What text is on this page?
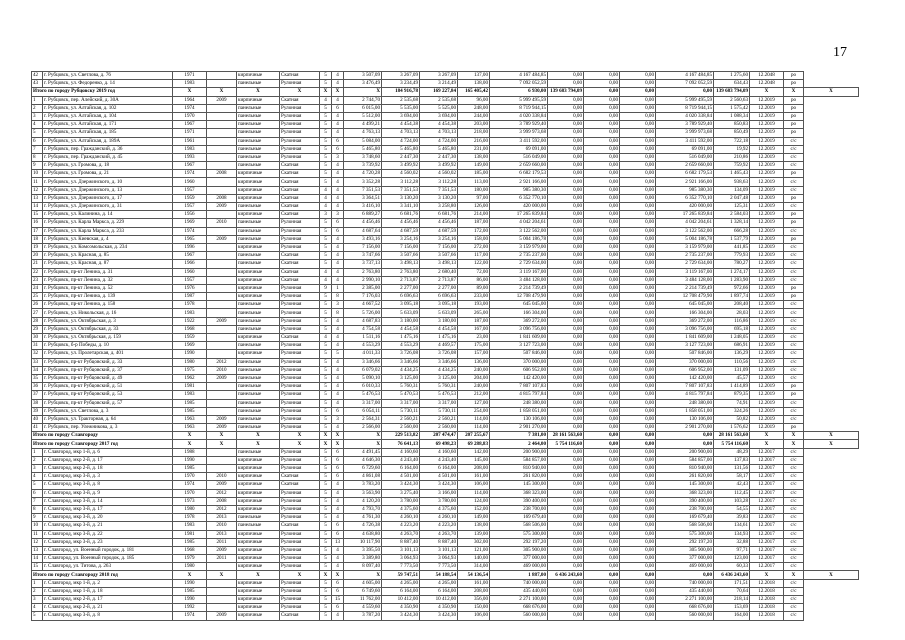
17
42	г. Рубцовск, ул. Светлова, д. 76	1971		кирпичные	Скатная	5	4	3 507,09	3 267,09	3 267,09	137,00	4 167 484,85	0,00	0,00	0,00	4 167 484,85	1 275,60	12.2048	ро	
43	г. Рубцовск, ул. Федоренко, д. 14	1983		панельные	Рулонная	5	4	3 476,49	3 234,49	3 214,49	138,00	7 092 052,59	0,00	0,00	0,00	7 092 052,59	634,43	12.2048	ро	
Итого по городу Рубцовску 2019 год		X	X	X	X	X	X	X	184 916,78	169 227,84	165 405,42	6 930,00	139 683 794,09	0,00	0,00	0,00	139 683 794,09	X	X	X
1	г. Рубцовск, пер. Алейский, д. 30А	1964	2009	кирпичные	Скатная	4	4	2 744,70	2 535,68	2 535,68	96,00	5 999 495,59	0,00	0,00	0,00	5 999 495,59	2 560,63	12.2019	ро	
2	г. Рубцовск, ул. Алтайская, д. 102	1974		панельные	Рулонная	5	6	6 015,00	5 535,00	5 525,00	248,00	8 719 944,15	0,00	0,00	0,00	8 719 944,15	1 575,42	12.2019	ро	
3	г. Рубцовск, ул. Алтайская, д. 104	1970		панельные	Рулонная	5	4	5 512,00	3 694,00	3 694,00	244,00	4 020 338,84	0,00	0,00	0,00	4 020 338,84	1 088,34	12.2019	ро	
4	г. Рубцовск, ул. Алтайская, д. 171	1967		панельные	Рулонная	5	4	4 499,21	4 454,38	4 454,38	203,00	3 789 929,40	0,00	0,00	0,00	3 789 929,40	850,83	12.2019	ро	
5	г. Рубцовск, ул. Алтайская, д. 185	1971		панельные	Рулонная	5	4	4 763,13	4 703,13	4 703,13	218,00	3 999 973,68	0,00	0,00	0,00	3 999 973,68	850,49	12.2019	ро	
6	г. Рубцовск, ул. Алтайская, д. 189А	1961		панельные	Рулонная	5	6	5 084,00	4 724,00	4 724,00	216,00	3 411 592,00	0,00	0,00	0,00	3 411 592,00	722,18	12.2019	с/с	
7	г. Рубцовск, пер. Гражданский, д. 36	1983		панельные	Рулонная	5	6	5 465,80	5 465,80	5 465,80	231,00	69 091,00	0,00	0,00	0,00	69 091,00	19,92	12.2019	с/с	
8	г. Рубцовск, пер. Гражданский, д. 45	1993		панельные	Рулонная	5	3	3 748,60	2 447,30	2 447,30	138,00	516 049,00	0,00	0,00	0,00	516 049,00	210,86	12.2019	с/с	
9	г. Рубцовск, ул. Громова, д. 18	1967		панельные	Скатная	5	4	3 739,92	3 499,92	3 499,92	149,00	2 659 660,00	0,00	0,00	0,00	2 659 660,00	759,92	12.2019	с/с	
10	г. Рубцовск, ул. Громова, д. 21	1974	2008	кирпичные	Скатная	5	4	4 720,28	4 560,02	4 560,02	185,00	6 682 179,53	0,00	0,00	0,00	6 682 179,53	1 465,43	12.2019	ро	
11	г. Рубцовск, ул. Дзержинского, д. 10	1960		кирпичные	Скатная	5	4	3 352,28	3 112,28	3 112,28	113,00	2 921 166,00	0,00	0,00	0,00	2 921 166,00	938,63	12.2019	с/с	
12	г. Рубцовск, ул. Дзержинского, д. 13	1957		кирпичные	Скатная	4	4	7 351,53	7 351,53	7 351,53	180,00	985 380,30	0,00	0,00	0,00	985 380,30	134,09	12.2019	с/с	
13	г. Рубцовск, ул. Дзержинского, д. 17	1959	2008	кирпичные	Скатная	4	4	3 364,51	3 130,20	3 130,20	97,00	6 352 770,10	0,00	0,00	0,00	6 352 770,10	2 047,48	12.2019	ро	
14	г. Рубцовск, ул. Дзержинского, д. 31	1957	2009	панельные	Скатная	4	4	3 416,10	3 341,10	3 258,80	126,00	420 000,00	0,00	0,00	0,00	420 000,00	125,31	12.2019	с/с	
15	г. Рубцовск, ул. Калинина, д. 14	1956		кирпичные	Скатная	3	3	6 889,27	6 681,76	6 681,76	214,00	17 265 839,84	0,00	0,00	0,00	17 265 839,84	2 584,03	12.2019	ро	
16	г. Рубцовск, ул. Карла Маркса, д. 229	1969	2010	панельные	Рулонная	5	6	4 456,46	4 456,46	4 456,46	187,00	4 042 204,61	0,00	0,00	0,00	4 042 204,61	1 328,14	12.2019	ро	
17	г. Рубцовск, ул. Карла Маркса, д. 233	1974		панельные	Рулонная	5	6	4 687,64	4 687,59	4 687,59	172,00	3 122 562,00	0,00	0,00	0,00	3 122 562,00	666,28	12.2019	с/с	
18	г. Рубцовск, ул. Киевская, д. 4	1965	2009	панельные	Рулонная	5	4	3 493,16	3 254,16	3 254,16	158,00	5 004 186,78	0,00	0,00	0,00	5 004 186,78	1 537,79	12.2019	ро	
19	г. Рубцовск, ул. Комсомольская, д. 234	1996		кирпичные	Рулонная	5	4	7 156,00	7 156,00	7 156,00	272,00	3 159 979,00	0,00	0,00	0,00	3 159 979,00	441,85	12.2019	с/с	
20	г. Рубцовск, ул. Красная, д. 85	1967		панельные	Скатная	5	4	3 747,66	3 507,66	3 507,66	117,00	2 735 237,00	0,00	0,00	0,00	2 735 237,00	779,93	12.2019	с/с	
21	г. Рубцовск, ул. Красная, д. 87	1966		панельные	Скатная	5	4	3 737,13	3 498,13	3 498,13	122,00	2 729 634,00	0,00	0,00	0,00	2 729 634,00	780,27	12.2019	с/с	
22	г. Рубцовск, пр-кт Ленина, д. 31	1960		кирпичные	Скатная	4	4	2 763,80	2 763,80	2 680,40	72,00	3 119 167,00	0,00	0,00	0,00	3 119 167,00	1 274,17	12.2019	с/с	
23	г. Рубцовск, пр-кт Ленина, д. 32	1957		кирпичные	Скатная	4	4	2 990,10	2 713,87	2 713,87	86,00	3 484 128,00	0,00	0,00	0,00	3 484 128,00	1 283,90	12.2019	с/с	
24	г. Рубцовск, пр-кт Ленина, д. 52	1976		кирпичные	Рулонная	9	1	2 385,00	2 277,00	2 277,00	89,00	2 214 739,49	0,00	0,00	0,00	2 214 739,49	972,66	12.2019	ро	
25	г. Рубцовск, пр-кт Ленина, д. 139	1987		кирпичные	Рулонная	5	8	7 176,03	6 696,63	6 696,63	233,00	12 708 479,90	0,00	0,00	0,00	12 708 479,90	1 897,74	12.2019	ро	
26	г. Рубцовск, пр-кт Ленина, д. 158	1978		панельные	Рулонная	5	3	4 667,52	3 095,18	3 095,18	193,00	645 045,00	0,00	0,00	0,00	645 045,00	208,40	12.2019	с/с	
27	г. Рубцовск, ул. Никольская, д. 16	1983		панельные	Рулонная	5	8	5 726,00	5 633,09	5 633,09	265,00	166 304,00	0,00	0,00	0,00	166 304,00	28,03	12.2019	с/с	
28	г. Рубцовск, ул. Октябрьская, д. 3	1922	2009	панельные	Рулонная	5	4	4 687,83	3 180,00	3 180,00	187,00	369 272,00	0,00	0,00	0,00	369 272,00	116,86	12.2019	с/с	
29	г. Рубцовск, ул. Октябрьская, д. 33	1968		панельные	Рулонная	5	4	4 754,58	4 454,58	4 454,58	167,00	3 096 756,00	0,00	0,00	0,00	3 096 756,00	695,18	12.2019	с/с	
30	г. Рубцовск, ул. Октябрьская, д. 159	1959		кирпичные	Скатная	4	4	1 511,16	1 475,16	1 475,16	23,00	1 841 609,00	0,00	0,00	0,00	1 841 609,00	1 248,05	12.2019	с/с	
31	г. Рубцовск, б-р Победы, д. 10	1969		панельные	Рулонная	5	4	4 553,29	4 553,29	4 469,57	175,00	3 127 723,00	0,00	0,00	0,00	3 127 723,00	686,91	12.2019	с/с	
32	г. Рубцовск, ул. Пролетарская, д. 401	1990		кирпичные	Рулонная	5	5	4 011,33	3 726,08	3 726,08	157,00	507 846,00	0,00	0,00	0,00	507 846,00	136,29	12.2019	с/с	
33	г. Рубцовск, пр-кт Рубцовский, д. 33	1980	2012	панельные	Рулонная	5	4	3 346,66	3 346,66	3 346,66	136,00	370 000,00	0,00	0,00	0,00	370 000,00	110,56	12.2019	с/с	
34	г. Рубцовск, пр-кт Рубцовский, д. 37	1975	2010	панельные	Рулонная	5	4	6 079,02	4 434,25	4 434,25	240,00	606 952,00	0,00	0,00	0,00	606 952,00	131,09	12.2019	с/с	
35	г. Рубцовск, пр-кт Рубцовский, д. 49	1962	2009	панельные	Рулонная	5	4	5 090,10	3 125,00	3 125,00	204,00	142 420,00	0,00	0,00	0,00	142 420,00	45,57	12.2019	с/с	
36	г. Рубцовск, пр-кт Рубцовский, д. 51	1981		панельные	Рулонная	5	4	6 010,33	5 760,31	5 760,31	240,00	7 807 107,83	0,00	0,00	0,00	7 807 107,83	1 414,89	12.2019	ро	
37	г. Рубцовск, пр-кт Рубцовский, д. 53	1983		панельные	Рулонная	5	4	5 476,53	5 470,53	5 476,53	212,00	4 815 797,84	0,00	0,00	0,00	4 815 797,84	879,35	12.2019	ро	
38	г. Рубцовск, пр-кт Рубцовский, д. 57	1985		панельные	Рулонная	5	4	3 317,00	3 317,00	3 317,00	127,00	248 380,00	0,00	0,00	0,00	248 380,00	74,91	12.2019	с/с	
39	г. Рубцовск, ул. Светлова, д. 3	1985		панельные	Рулонная	5	6	6 054,11	5 730,11	5 730,11	254,00	1 858 051,00	0,00	0,00	0,00	1 858 051,00	324,26	12.2019	с/с	
40	г. Рубцовск, ул. Тракторная, д. 64	1963	2009	панельные	Рулонная	5	3	2 564,31	2 560,21	2 560,21	114,00	130 106,00	0,00	0,00	0,00	130 106,00	50,82	12.2019	с/с	
41	г. Рубцовск, пер. Улежникова, д. 3	1963	2009	панельные	Рулонная	5	4	2 566,00	2 560,00	2 560,00	114,00	2 901 270,00	0,00	0,00	0,00	2 901 270,00	1 576,62	12.2019	ро	
Итого по городу Славгороду		X	X	X	X	X	X	X	229 513,82	207 474,47	207 255,67	7 381,00	28 161 563,60	0,00	0,00	0,00	28 161 563,60	X	X	X
Итого по городу Славгороду 2017 год		X	X	X	X	X	X	X	76 641,13	69 498,23	69 288,83	2 464,00	5 754 116,60	0,00	0,00	0,00	5 754 116,60	X	X	X
1	г. Славгород, мкр 1-й, д. 6	1988		панельные	Рулонная	5	6	4 491,45	4 160,60	4 160,60	142,00	200 900,00	0,00	0,00	0,00	200 900,00	48,29	12.2017	с/с	
2	г. Славгород, мкр 2-й, д. 17	1990		кирпичные	Рулонная	5	6	4 646,30	4 243,40	4 243,40	145,00	584 857,00	0,00	0,00	0,00	584 857,00	137,83	12.2017	с/с	
3	г. Славгород, мкр 2-й, д. 18	1985		кирпичные	Рулонная	5	6	6 729,60	6 164,00	6 164,00	208,00	810 940,00	0,00	0,00	0,00	810 940,00	131,56	12.2017	с/с	
4	г. Славгород, мкр 3-й, д. 3	1970	2010	кирпичные	Скатная	5	6	4 861,08	4 501,00	4 501,00	161,00	261 820,00	0,00	0,00	0,00	261 820,00	58,17	12.2017	с/с	
5	г. Славгород, мкр 3-й, д. 8	1974	2009	кирпичные	Скатная	5	4	3 783,20	3 424,30	3 424,30	106,00	145 300,00	0,00	0,00	0,00	145 300,00	42,43	12.2017	с/с	
6	г. Славгород, мкр 3-й, д. 9	1970	2012	кирпичные	Рулонная	5	4	3 563,90	3 275,40	3 166,00	114,00	368 323,00	0,00	0,00	0,00	368 323,00	112,45	12.2017	с/с	
7	г. Славгород, мкр 3-й, д. 14	1973	2008	кирпичные	Рулонная	5	4	4 120,20	3 780,00	3 780,00	124,00	390 400,00	0,00	0,00	0,00	390 400,00	103,28	12.2017	с/с	
8	г. Славгород, мкр 3-й, д. 17	1980	2012	кирпичные	Рулонная	5	4	4 793,70	4 375,60	4 375,60	152,00	238 700,00	0,00	0,00	0,00	238 700,00	54,55	12.2017	с/с	
9	г. Славгород, мкр 3-й, д. 20	1978	2013	панельные	Рулонная	5	4	4 761,30	4 260,10	4 260,10	149,00	169 679,40	0,00	0,00	0,00	169 679,40	39,83	12.2017	с/с	
10	г. Славгород, мкр 3-й, д. 21	1983	2010	панельные	Скатная	5	6	4 726,38	4 223,20	4 223,20	138,00	568 506,00	0,00	0,00	0,00	568 506,00	134,61	12.2017	с/с	
11	г. Славгород, мкр 3-й, д. 22	1981	2013	кирпичные	Рулонная	5	6	4 638,80	4 263,70	4 263,70	139,00	575 300,00	0,00	0,00	0,00	575 300,00	134,93	12.2017	с/с	
12	г. Славгород, мкр 3-й, д. 23	1985	2011	кирпичные	Рулонная	5	13	10 117,90	8 887,40	8 887,40	302,00	292 197,20	0,00	0,00	0,00	292 197,20	32,88	12.2017	с/с	
13	г. Славгород, ул. Военный городок, д. 181	1968	2009	кирпичные	Рулонная	5	4	3 395,50	3 101,13	3 101,13	121,00	305 900,00	0,00	0,00	0,00	305 900,00	97,71	12.2017	с/с	
14	г. Славгород, ул. Военный городок, д. 185	1979	2011	кирпичные	Рулонная	5	4	3 389,80	3 064,93	3 064,93	140,00	377 000,00	0,00	0,00	0,00	377 000,00	123,00	12.2017	с/с	
15	г. Славгород, ул. Титова, д. 263	1980		кирпичные	Рулонная	5	4	8 097,40	7 773,50	7 773,50	314,00	469 000,00	0,00	0,00	0,00	469 000,00	60,33	12.2017	с/с	
Итого по городу Славгороду 2018 год		X	X	X	X	X	X	X	59 747,51	54 188,54	54 136,54	1 887,00	6 436 243,60	0,00	0,00	0,00	6 436 243,60	X	X	X
1	г. Славгород, мкр 1-й, д. 2	1990		кирпичные	Рулонная	5	6	4 605,00	4 265,00	4 265,00	161,00	740 000,00	0,00	0,00	0,00	740 000,00	171,51	12.2018	с/с	
2	г. Славгород, мкр 1-й, д. 18	1985		кирпичные	Рулонная	5	6	6 749,60	6 164,00	6 164,00	208,00	435 440,00	0,00	0,00	0,00	435 440,00	70,64	12.2018	с/с	
3	г. Славгород, мкр 2-й, д. 17	1990		кирпичные	Рулонная	5	15	11 762,00	10 412,00	10 412,00	356,00	2 271 100,00	0,00	0,00	0,00	2 271 100,00	218,14	12.2018	с/с	
4	г. Славгород, мкр 2-й, д. 21	1992		кирпичные	Рулонная	5	6	4 559,60	4 350,90	4 350,90	150,00	668 676,00	0,00	0,00	0,00	668 676,00	153,69	12.2018	с/с	
5	г. Славгород, мкр 3-й, д. 8	1974	2009	кирпичные	Скатная	5	4	3 787,20	3 424,30	3 424,30	106,00	560 000,00	0,00	0,00	0,00	560 000,00	164,00	12.2018	с/с	
